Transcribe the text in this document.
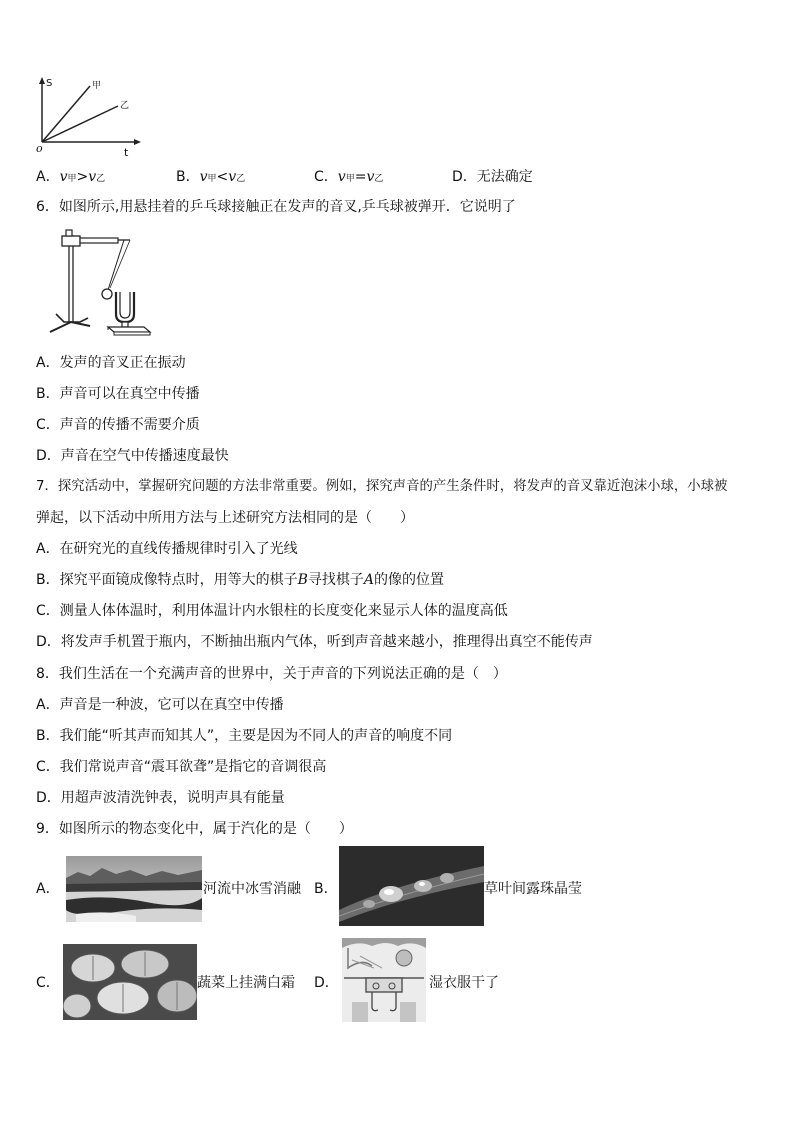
S	甲
乙
o	t
A．v甲>v乙	B．v甲<v乙	C．v甲=v乙	D．无法确定
6．如图所示,用悬挂着的乒乓球接触正在发声的音叉,乒乓球被弹开．它说明了
A．发声的音叉正在振动
B．声音可以在真空中传播
C．声音的传播不需要介质
D．声音在空气中传播速度最快
7．探究活动中，掌握研究问题的方法非常重要。例如，探究声音的产生条件时，将发声的音叉靠近泡沫小球，小球被
弹起，以下活动中所用方法与上述研究方法相同的是（　　）
A．在研究光的直线传播规律时引入了光线
B．探究平面镜成像特点时，用等大的棋子B寻找棋子A的像的位置
C．测量人体体温时，利用体温计内水银柱的长度变化来显示人体的温度高低
D．将发声手机置于瓶内，不断抽出瓶内气体，听到声音越来越小，推理得出真空不能传声
8．我们生活在一个充满声音的世界中，关于声音的下列说法正确的是（　）
A．声音是一种波，它可以在真空中传播
B．我们能“听其声而知其人”，主要是因为不同人的声音的响度不同
C．我们常说声音“震耳欲聋”是指它的音调很高
D．用超声波清洗钟表，说明声具有能量
9．如图所示的物态变化中，属于汽化的是（　　）
A．	河流中冰雪消融 B．	草叶间露珠晶莹
C．	蔬菜上挂满白霜 D．	湿衣服干了
